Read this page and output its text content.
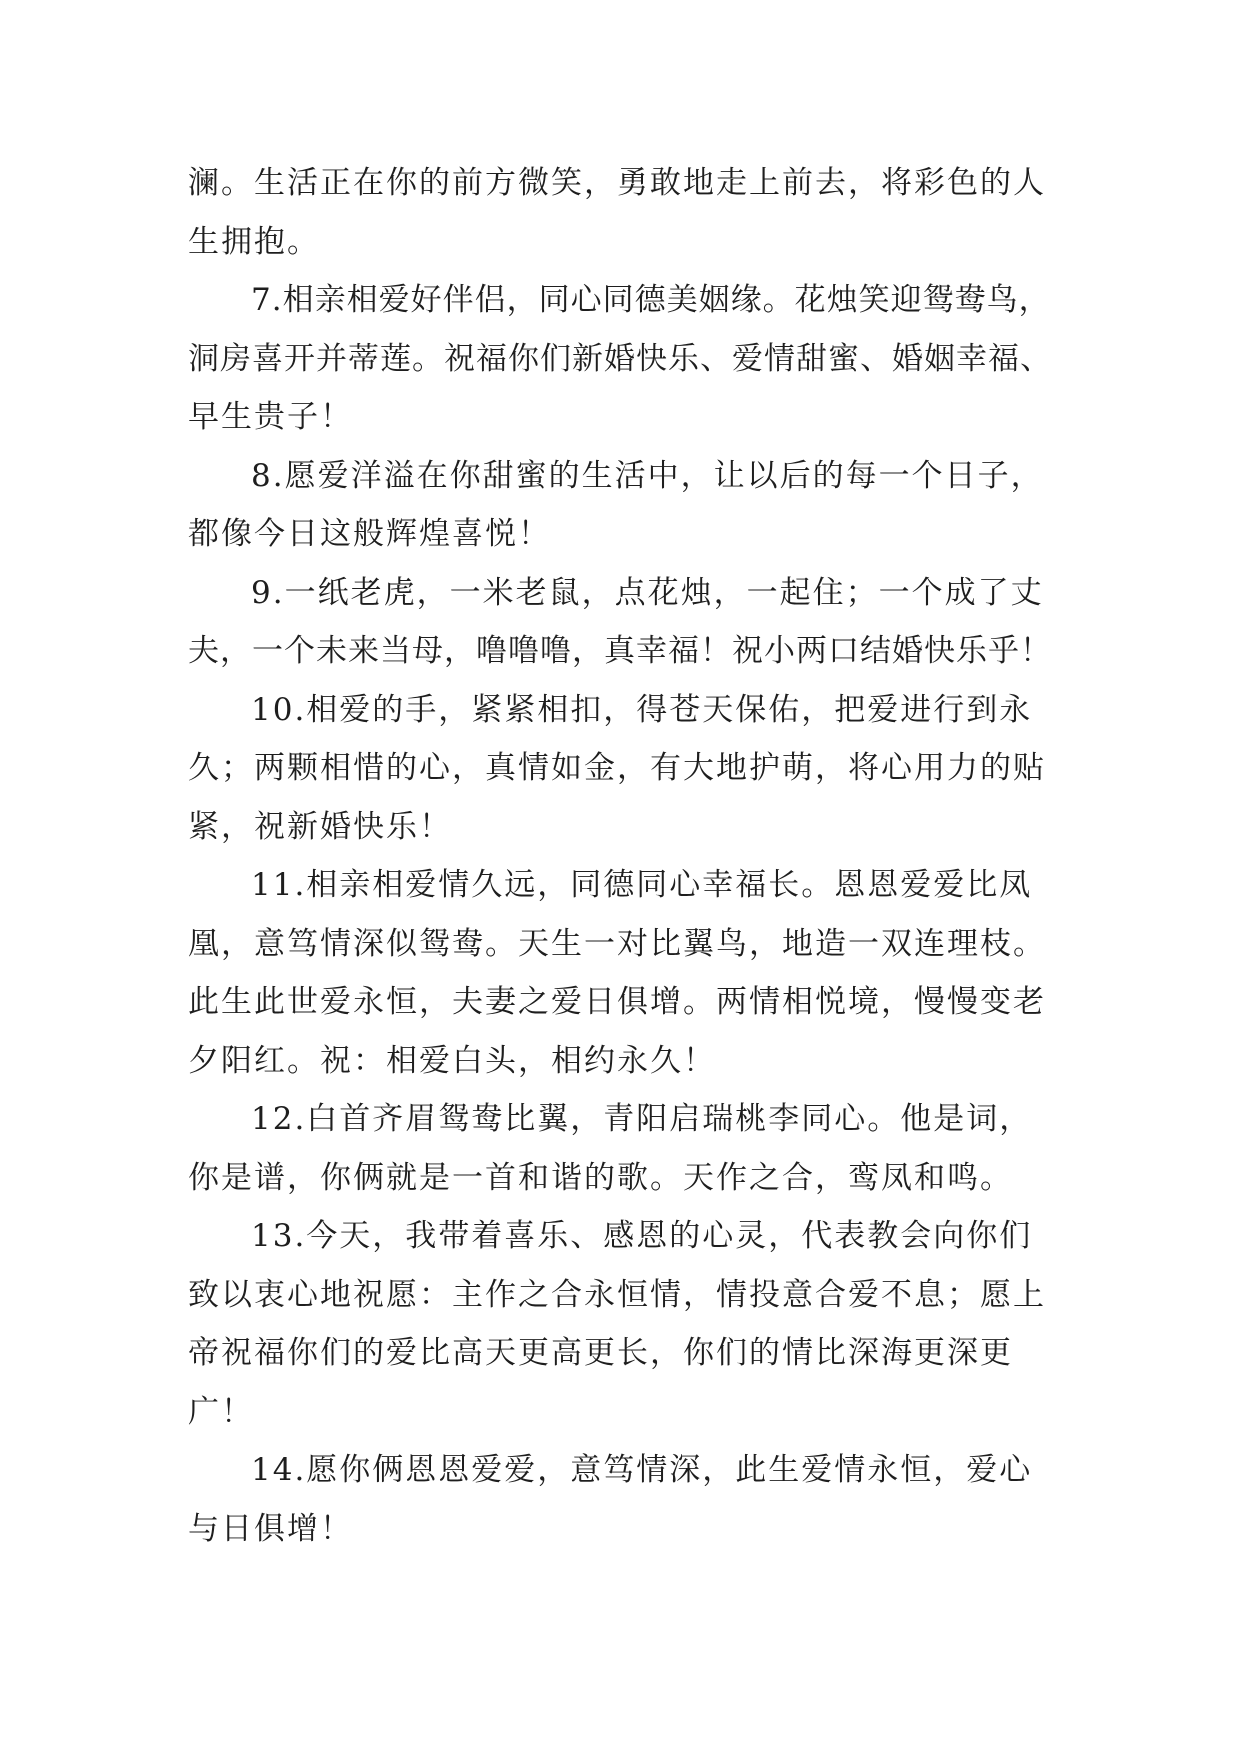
澜。生活正在你的前方微笑，勇敢地走上前去，将彩色的人
生拥抱。
7.相亲相爱好伴侣，同心同德美姻缘。花烛笑迎鸳鸯鸟，
洞房喜开并蒂莲。祝福你们新婚快乐、爱情甜蜜、婚姻幸福、
早生贵子！
8.愿爱洋溢在你甜蜜的生活中，让以后的每一个日子，
都像今日这般辉煌喜悦！
9.一纸老虎，一米老鼠，点花烛，一起住；一个成了丈
夫，一个未来当母，噜噜噜，真幸福！祝小两口结婚快乐乎！
10.相爱的手，紧紧相扣，得苍天保佑，把爱进行到永
久；两颗相惜的心，真情如金，有大地护萌，将心用力的贴
紧，祝新婚快乐！
11.相亲相爱情久远，同德同心幸福长。恩恩爱爱比凤
凰，意笃情深似鸳鸯。天生一对比翼鸟，地造一双连理枝。
此生此世爱永恒，夫妻之爱日俱增。两情相悦境，慢慢变老
夕阳红。祝：相爱白头，相约永久！
12.白首齐眉鸳鸯比翼，青阳启瑞桃李同心。他是词，
你是谱，你俩就是一首和谐的歌。天作之合，鸾凤和鸣。
13.今天，我带着喜乐、感恩的心灵，代表教会向你们
致以衷心地祝愿：主作之合永恒情，情投意合爱不息；愿上
帝祝福你们的爱比高天更高更长，你们的情比深海更深更
广！
14.愿你俩恩恩爱爱，意笃情深，此生爱情永恒，爱心
与日俱增！
